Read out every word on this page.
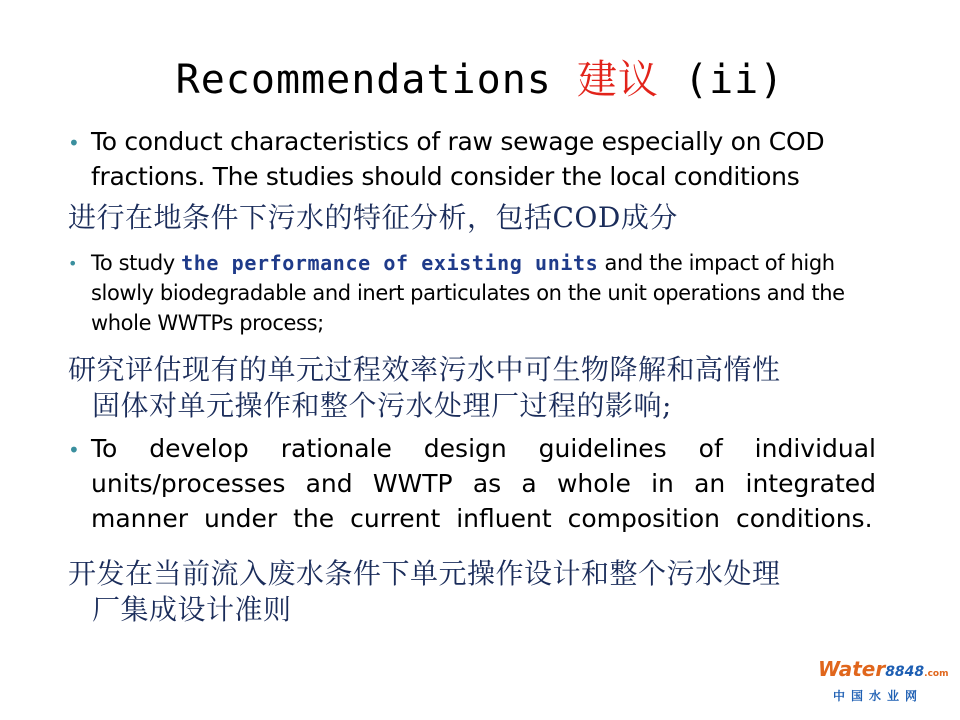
Recommendations 建议 (ii)
• To conduct characteristics of raw sewage especially on COD fractions. The studies should consider the local conditions
进行在地条件下污水的特征分析，包括COD成分
• To study the performance of existing units and the impact of high slowly biodegradable and inert particulates on the unit operations and the whole WWTPs process;
研究评估现有的单元过程效率污水中可生物降解和高惰性
固体对单元操作和整个污水处理厂过程的影响;
• To develop rationale design guidelines of individual units/processes and WWTP as a whole in an integrated manner under the current influent composition conditions.
开发在当前流入废水条件下单元操作设计和整个污水处理
厂集成设计准则
Water8848.com
中国水业网
